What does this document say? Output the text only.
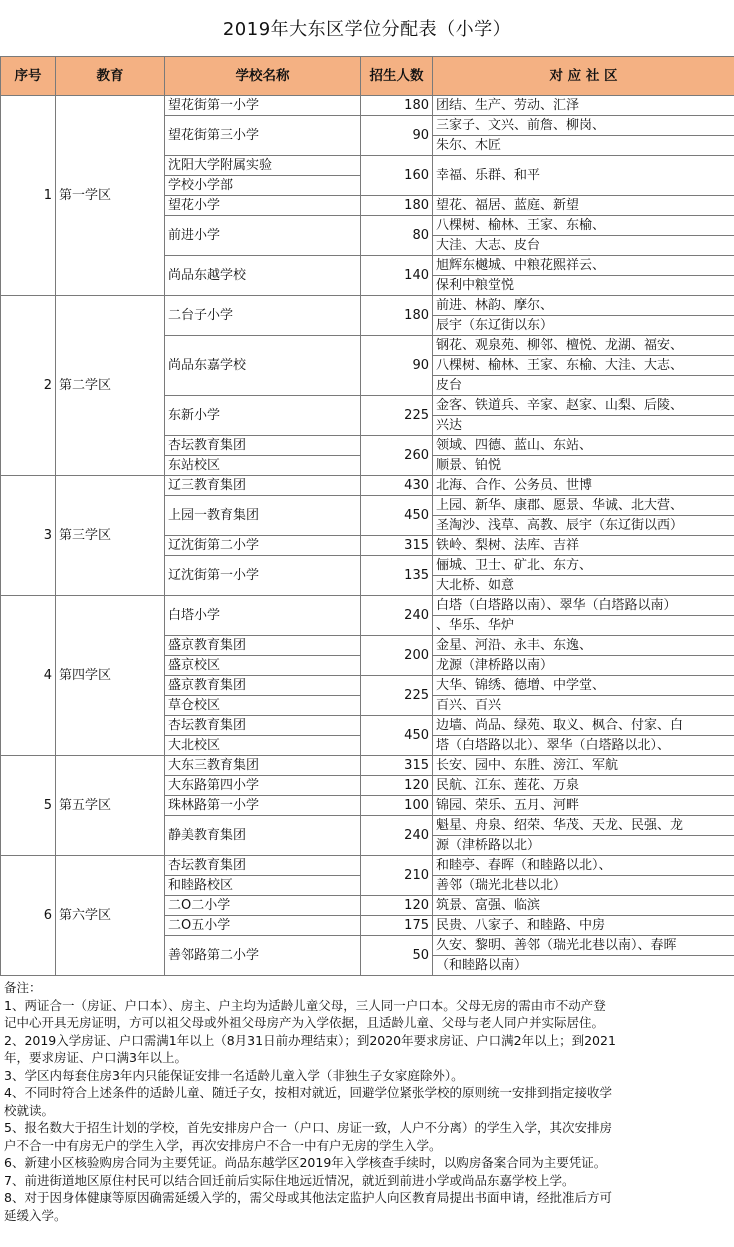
2019年大东区学位分配表（小学）
序号	教育	学校名称	招生人数	对 应 社 区
1	第一学区	望花街第一小学	180	团结、生产、劳动、汇泽
		望花街第三小学	90	三家子、文兴、前詹、柳岗、
				朱尔、木匠
		沈阳大学附属实验	160	幸福、乐群、和平
		学校小学部		
		望花小学	180	望花、福居、蓝庭、新望
		前进小学	80	八棵树、榆林、王家、东榆、
				大洼、大志、皮台
		尚品东越学校	140	旭辉东樾城、中粮花熙祥云、
				保利中粮堂悦
2	第二学区	二台子小学	180	前进、林韵、摩尔、
				辰宇（东辽街以东）
		尚品东嘉学校	90	钢花、观泉苑、柳邻、檀悦、龙湖、福安、
				八棵树、榆林、王家、东榆、大洼、大志、
				皮台
		东新小学	225	金客、铁道兵、辛家、赵家、山梨、后陵、
				兴达
		杏坛教育集团	260	领域、四德、蓝山、东站、
		东站校区		顺景、铂悦
3	第三学区	辽三教育集团	430	北海、合作、公务员、世博
		上园一教育集团	450	上园、新华、康郡、愿景、华诚、北大营、
				圣淘沙、浅草、高教、辰宇（东辽街以西）
		辽沈街第二小学	315	铁岭、梨树、法库、吉祥
		辽沈街第一小学	135	俪城、卫士、矿北、东方、
				大北桥、如意
4	第四学区	白塔小学	240	白塔（白塔路以南）、翠华（白塔路以南）
				、华乐、华炉
		盛京教育集团	200	金星、河沿、永丰、东逸、
		盛京校区		龙源（津桥路以南）
		盛京教育集团	225	大华、锦绣、德增、中学堂、
		草仓校区		百兴、百兴
		杏坛教育集团	450	边墙、尚品、绿苑、取义、枫合、付家、白
		大北校区		塔（白塔路以北）、翠华（白塔路以北）、
5	第五学区	大东三教育集团	315	长安、园中、东胜、滂江、军航
		大东路第四小学	120	民航、江东、莲花、万泉
		珠林路第一小学	100	锦园、荣乐、五月、河畔
		静美教育集团	240	魁星、舟泉、绍荣、华茂、天龙、民强、龙
				源（津桥路以北）
6	第六学区	杏坛教育集团	210	和睦亭、春晖（和睦路以北）、
		和睦路校区		善邻（瑞光北巷以北）
		二O二小学	120	筑景、富强、临滨
		二O五小学	175	民贵、八家子、和睦路、中房
		善邻路第二小学	50	久安、黎明、善邻（瑞光北巷以南）、春晖
				（和睦路以南）

备注：

1、两证合一（房证、户口本）、房主、户主均为适龄儿童父母，三人同一户口本。父母无房的需由市不动产登

记中心开具无房证明，方可以祖父母或外祖父母房产为入学依据，且适龄儿童、父母与老人同户并实际居住。

2、2019入学房证、户口需满1年以上（8月31日前办理结束）；到2020年要求房证、户口满2年以上；到2021

年，要求房证、户口满3年以上。

3、学区内每套住房3年内只能保证安排一名适龄儿童入学（非独生子女家庭除外）。

4、不同时符合上述条件的适龄儿童、随迁子女，按相对就近，回避学位紧张学校的原则统一安排到指定接收学

校就读。

5、报名数大于招生计划的学校，首先安排房户合一（户口、房证一致，人户不分离）的学生入学，其次安排房

户不合一中有房无户的学生入学，再次安排房户不合一中有户无房的学生入学。

6、新建小区核验购房合同为主要凭证。尚品东越学区2019年入学核查手续时，以购房备案合同为主要凭证。

7、前进街道地区原住村民可以结合回迁前后实际住地远近情况，就近到前进小学或尚品东嘉学校上学。

8、对于因身体健康等原因确需延缓入学的，需父母或其他法定监护人向区教育局提出书面申请，经批准后方可

延缓入学。
